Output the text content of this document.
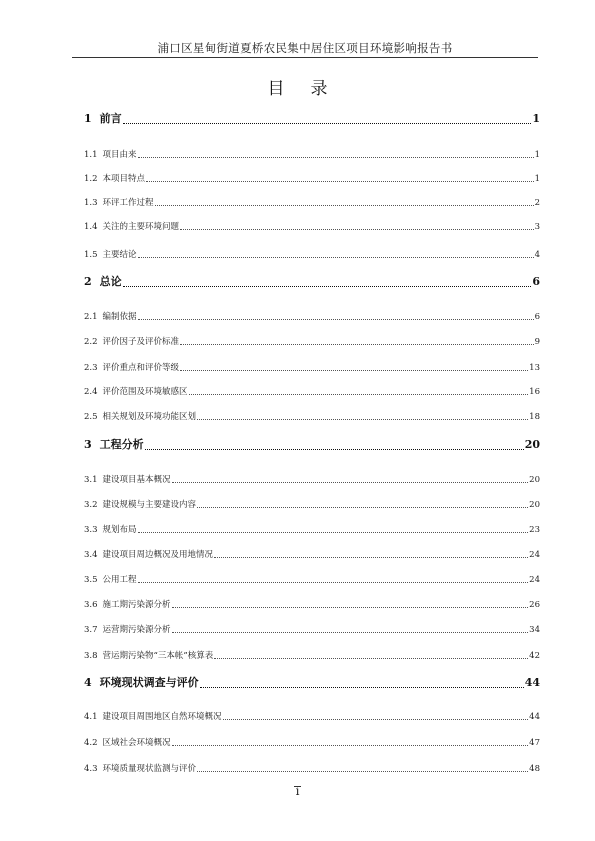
浦口区星甸街道夏桥农民集中居住区项目环境影响报告书
目录
1 前言	1
1.1 项目由来	1
1.2 本项目特点	1
1.3 环评工作过程	2
1.4 关注的主要环境问题	3
1.5 主要结论	4
2 总论	6
2.1 编制依据	6
2.2 评价因子及评价标准	9
2.3 评价重点和评价等级	13
2.4 评价范围及环境敏感区	16
2.5 相关规划及环境功能区划	18
3 工程分析	20
3.1 建设项目基本概况	20
3.2 建设规模与主要建设内容	20
3.3 规划布局	23
3.4 建设项目周边概况及用地情况	24
3.5 公用工程	24
3.6 施工期污染源分析	26
3.7 运营期污染源分析	34
3.8 营运期污染物“三本帐”核算表	42
4 环境现状调查与评价	44
4.1 建设项目周围地区自然环境概况	44
4.2 区域社会环境概况	47
4.3 环境质量现状监测与评价	48
i
